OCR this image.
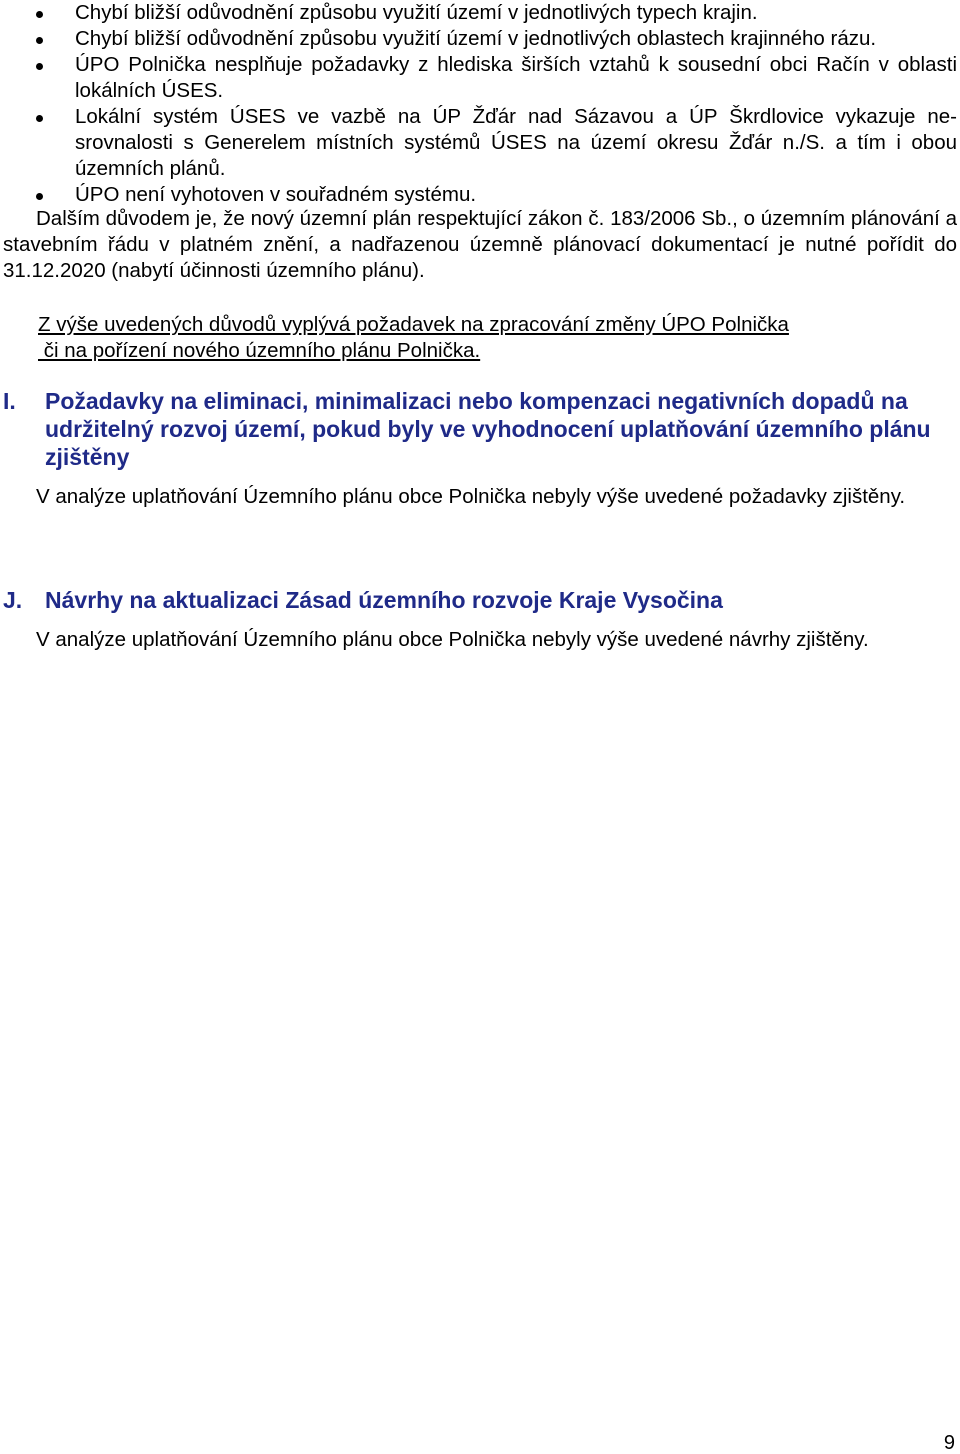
Chybí bližší odůvodnění způsobu využití území v jednotlivých typech krajin.
Chybí bližší odůvodnění způsobu využití území v jednotlivých oblastech krajinného rázu.
ÚPO Polnička nesplňuje požadavky z hlediska širších vztahů k sousední obci Račín v oblasti lokálních ÚSES.
Lokální systém ÚSES ve vazbě na ÚP Žďár nad Sázavou a ÚP Škrdlovice vykazuje ne-srovnalosti s Generelem místních systémů ÚSES na území okresu Žďár n./S. a tím i obou územních plánů.
ÚPO není vyhotoven v souřadném systému.

Dalším důvodem je, že nový územní plán respektující zákon č. 183/2006 Sb., o územním plánování a stavebním řádu v platném znění, a nadřazenou územně plánovací dokumentací je nutné pořídit do 31.12.2020 (nabytí účinnosti územního plánu).

Z výše uvedených důvodů vyplývá požadavek na zpracování změny ÚPO Polnička
či na pořízení nového územního plánu Polnička.

I. Požadavky na eliminaci, minimalizaci nebo kompenzaci negativních dopadů na udržitelný rozvoj území, pokud byly ve vyhodnocení uplatňování územního plánu zjištěny

V analýze uplatňování Územního plánu obce Polnička nebyly výše uvedené požadavky zjištěny.

J. Návrhy na aktualizaci Zásad územního rozvoje Kraje Vysočina

V analýze uplatňování Územního plánu obce Polnička nebyly výše uvedené návrhy zjištěny.

9
